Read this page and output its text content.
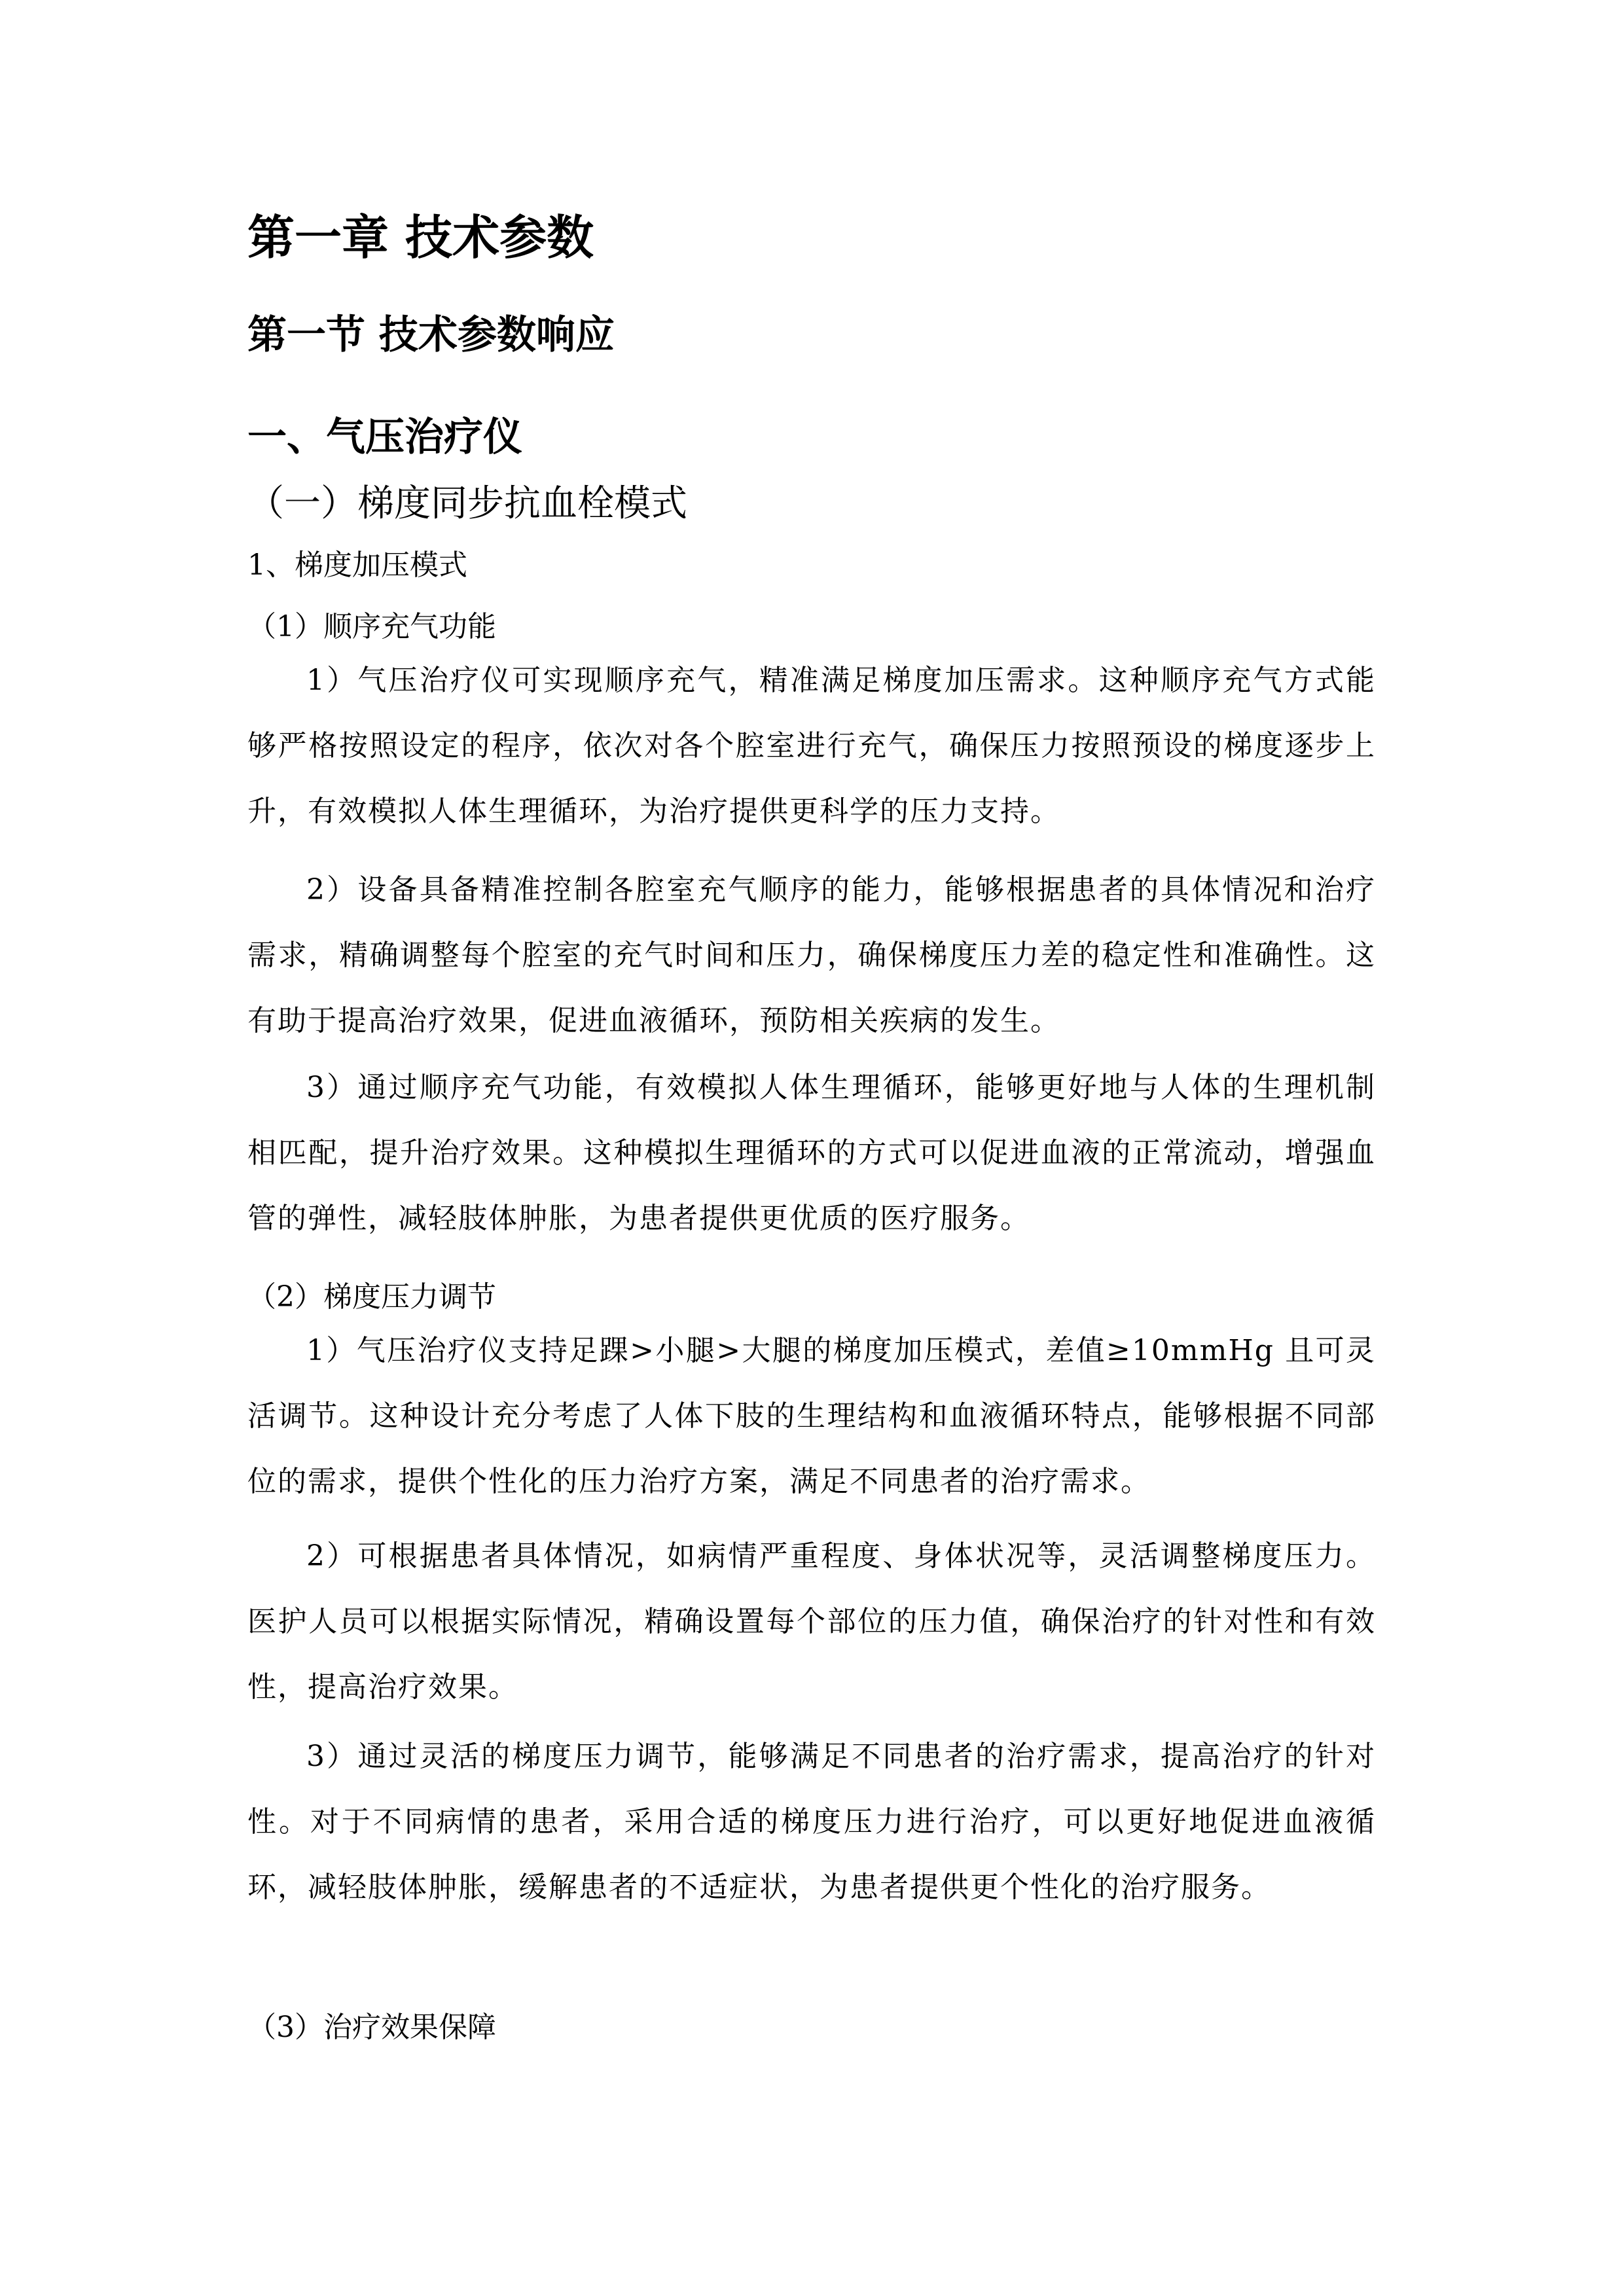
第一章 技术参数
第一节 技术参数响应
一、气压治疗仪
（一）梯度同步抗血栓模式
1、梯度加压模式
（1）顺序充气功能

1）气压治疗仪可实现顺序充气，精准满足梯度加压需求。这种顺序充气方式能够严格按照设定的程序，依次对各个腔室进行充气，确保压力按照预设的梯度逐步上升，有效模拟人体生理循环，为治疗提供更科学的压力支持。

2）设备具备精准控制各腔室充气顺序的能力，能够根据患者的具体情况和治疗需求，精确调整每个腔室的充气时间和压力，确保梯度压力差的稳定性和准确性。这有助于提高治疗效果，促进血液循环，预防相关疾病的发生。

3）通过顺序充气功能，有效模拟人体生理循环，能够更好地与人体的生理机制相匹配，提升治疗效果。这种模拟生理循环的方式可以促进血液的正常流动，增强血管的弹性，减轻肢体肿胀，为患者提供更优质的医疗服务。

（2）梯度压力调节

1）气压治疗仪支持足踝>小腿>大腿的梯度加压模式，差值≥10mmHg 且可灵活调节。这种设计充分考虑了人体下肢的生理结构和血液循环特点，能够根据不同部位的需求，提供个性化的压力治疗方案，满足不同患者的治疗需求。

2）可根据患者具体情况，如病情严重程度、身体状况等，灵活调整梯度压力。医护人员可以根据实际情况，精确设置每个部位的压力值，确保治疗的针对性和有效性，提高治疗效果。

3）通过灵活的梯度压力调节，能够满足不同患者的治疗需求，提高治疗的针对性。对于不同病情的患者，采用合适的梯度压力进行治疗，可以更好地促进血液循环，减轻肢体肿胀，缓解患者的不适症状，为患者提供更个性化的治疗服务。

（3）治疗效果保障
